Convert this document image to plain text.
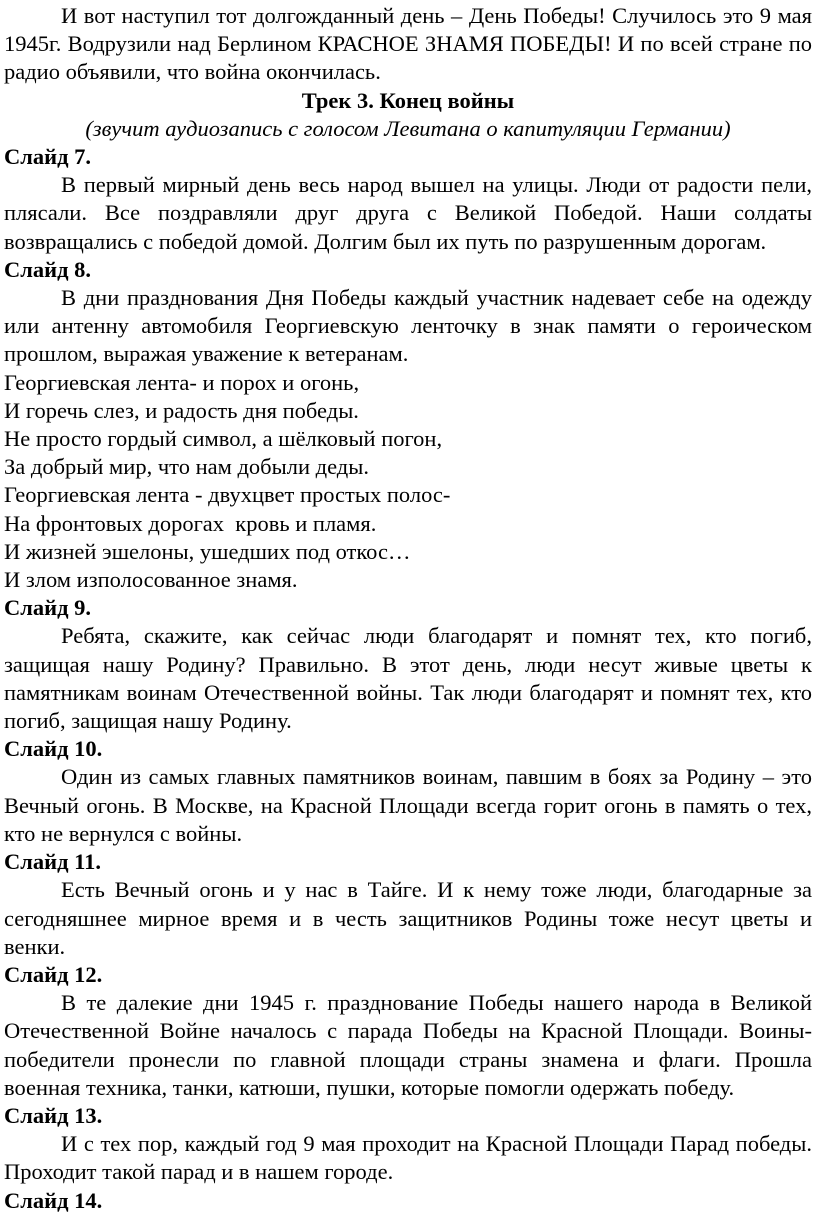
И вот наступил тот долгожданный день – День Победы! Случилось это 9 мая 1945г. Водрузили над Берлином КРАСНОЕ ЗНАМЯ ПОБЕДЫ! И по всей стране по радио объявили, что война окончилась.

Трек 3. Конец войны

(звучит аудиозапись с голосом Левитана о капитуляции Германии)

Слайд 7.

В первый мирный день весь народ вышел на улицы. Люди от радости пели, плясали. Все поздравляли друг друга с Великой Победой. Наши солдаты возвращались с победой домой. Долгим был их путь по разрушенным дорогам.

Слайд 8.

В дни празднования Дня Победы каждый участник надевает себе на одежду или антенну автомобиля Георгиевскую ленточку в знак памяти о героическом прошлом, выражая уважение к ветеранам.

Георгиевская лента- и порох и огонь,

И горечь слез, и радость дня победы.

Не просто гордый символ, а шёлковый погон,

За добрый мир, что нам добыли деды.

Георгиевская лента - двухцвет простых полос-

На фронтовых дорогах  кровь и пламя.

И жизней эшелоны, ушедших под откос…

И злом изполосованное знамя.

Слайд 9.

Ребята, скажите, как сейчас люди благодарят и помнят тех, кто погиб, защищая нашу Родину? Правильно. В этот день, люди несут живые цветы к памятникам воинам Отечественной войны. Так люди благодарят и помнят тех, кто погиб, защищая нашу Родину.

Слайд 10.

Один из самых главных памятников воинам, павшим в боях за Родину – это Вечный огонь. В Москве, на Красной Площади всегда горит огонь в память о тех, кто не вернулся с войны.

Слайд 11.

Есть Вечный огонь и у нас в Тайге. И к нему тоже люди, благодарные за сегодняшнее мирное время и в честь защитников Родины тоже несут цветы и венки.

Слайд 12.

В те далекие дни 1945 г. празднование Победы нашего народа в Великой Отечественной Войне началось с парада Победы на Красной Площади. Воины-победители пронесли по главной площади страны знамена и флаги. Прошла военная техника, танки, катюши, пушки, которые помогли одержать победу.

Слайд 13.

И с тех пор, каждый год 9 мая проходит на Красной Площади Парад победы. Проходит такой парад и в нашем городе.

Слайд 14.
